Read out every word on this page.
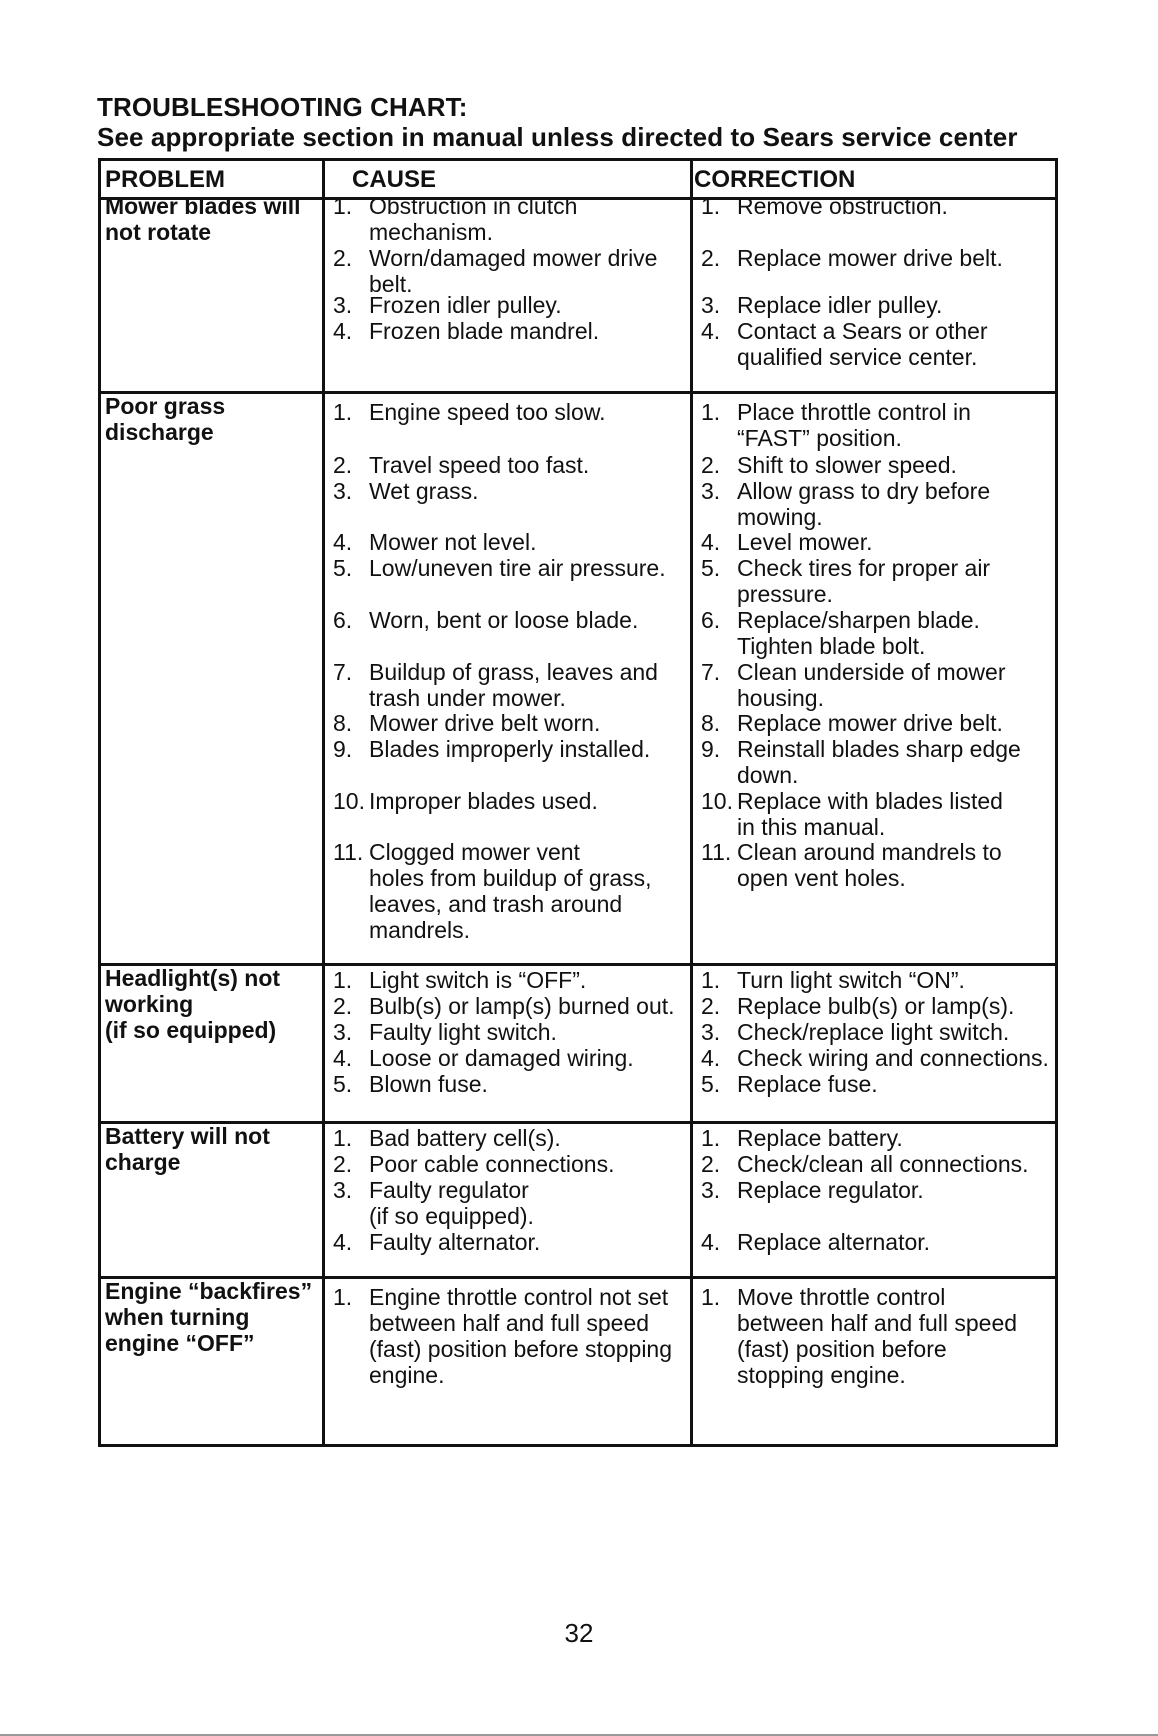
TROUBLESHOOTING CHART:
See appropriate section in manual unless directed to Sears service center
PROBLEM	CAUSE	CORRECTION
Mower blades will
not rotate
1. Obstruction in clutch
mechanism.
2. Worn/damaged mower drive
belt.
3. Frozen idler pulley.
4. Frozen blade mandrel.
1. Remove obstruction.
2. Replace mower drive belt.
3. Replace idler pulley.
4. Contact a Sears or other
qualified service center.
Poor grass
discharge
1. Engine speed too slow.
2. Travel speed too fast.
3. Wet grass.
4. Mower not level.
5. Low/uneven tire air pressure.
6. Worn, bent or loose blade.
7. Buildup of grass, leaves and
trash under mower.
8. Mower drive belt worn.
9. Blades improperly installed.
10. Improper blades used.
11. Clogged mower vent
holes from buildup of grass,
leaves, and trash around
mandrels.
1. Place throttle control in
“FAST” position.
2. Shift to slower speed.
3. Allow grass to dry before
mowing.
4. Level mower.
5. Check tires for proper air
pressure.
6. Replace/sharpen blade.
Tighten blade bolt.
7. Clean underside of mower
housing.
8. Replace mower drive belt.
9. Reinstall blades sharp edge
down.
10. Replace with blades listed
in this manual.
11. Clean around mandrels to
open vent holes.
Headlight(s) not
working
(if so equipped)
1. Light switch is “OFF”.
2. Bulb(s) or lamp(s) burned out.
3. Faulty light switch.
4. Loose or damaged wiring.
5. Blown fuse.
1. Turn light switch “ON”.
2. Replace bulb(s) or lamp(s).
3. Check/replace light switch.
4. Check wiring and connections.
5. Replace fuse.
Battery will not
charge
1. Bad battery cell(s).
2. Poor cable connections.
3. Faulty regulator
(if so equipped).
4. Faulty alternator.
1. Replace battery.
2. Check/clean all connections.
3. Replace regulator.
4. Replace alternator.
Engine “backfires”
when turning
engine “OFF”
1. Engine throttle control not set
between half and full speed
(fast) position before stopping
engine.
1. Move throttle control
between half and full speed
(fast) position before
stopping engine.
32
